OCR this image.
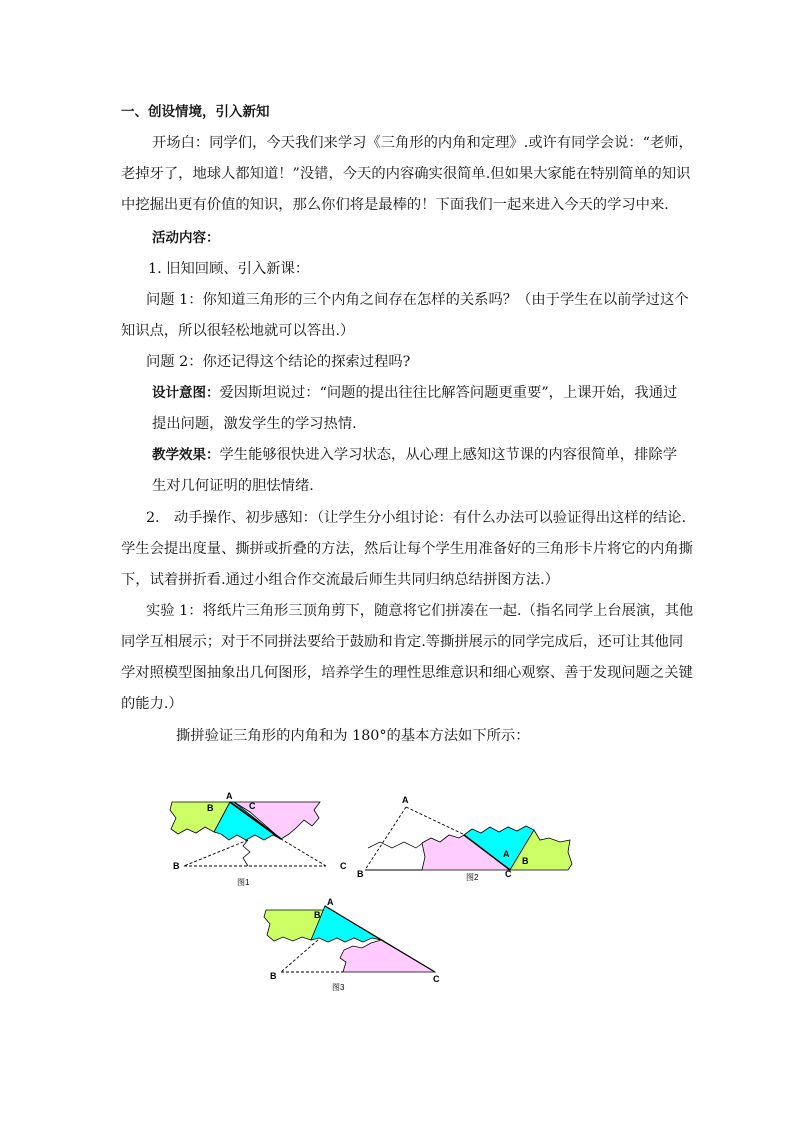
一、创设情境，引入新知
开场白：同学们，今天我们来学习《三角形的内角和定理》.或许有同学会说：“老师，
老掉牙了，地球人都知道！”没错，今天的内容确实很简单.但如果大家能在特别简单的知识
中挖掘出更有价值的知识，那么你们将是最棒的！下面我们一起来进入今天的学习中来.
活动内容：
1. 旧知回顾、引入新课：
问题 1：你知道三角形的三个内角之间存在怎样的关系吗？（由于学生在以前学过这个
知识点，所以很轻松地就可以答出.）
问题 2：你还记得这个结论的探索过程吗?
设计意图：爱因斯坦说过：“问题的提出往往比解答问题更重要”，上课开始，我通过
提出问题，激发学生的学习热情.
教学效果：学生能够很快进入学习状态，从心理上感知这节课的内容很简单，排除学
生对几何证明的胆怯情绪.
2． 动手操作、初步感知：（让学生分小组讨论：有什么办法可以验证得出这样的结论.
学生会提出度量、撕拼或折叠的方法，然后让每个学生用准备好的三角形卡片将它的内角撕
下，试着拼折看.通过小组合作交流最后师生共同归纳总结拼图方法.）
实验 1：将纸片三角形三顶角剪下，随意将它们拼凑在一起.（指名同学上台展演，其他
同学互相展示；对于不同拼法要给于鼓励和肯定.等撕拼展示的同学完成后，还可让其他同
学对照模型图抽象出几何图形，培养学生的理性思维意识和细心观察、善于发现问题之关键
的能力.）
撕拼验证三角形的内角和为 180°的基本方法如下所示：
A
B	C
B	C
图1
A
A
B
B	C
图2
A
B
B	C
图3
